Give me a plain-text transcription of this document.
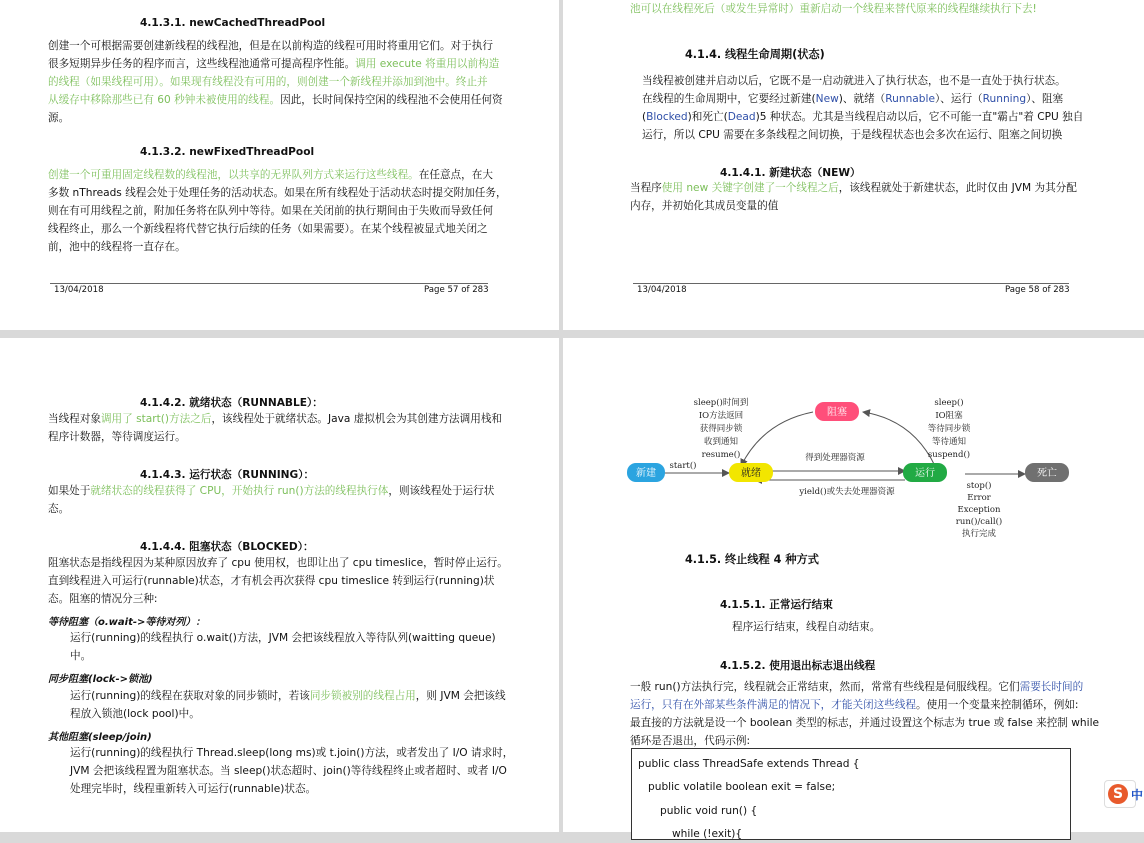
4.1.3.1. newCachedThreadPool
创建一个可根据需要创建新线程的线程池，但是在以前构造的线程可用时将重用它们。对于执行
很多短期异步任务的程序而言，这些线程池通常可提高程序性能。调用 execute 将重用以前构造
的线程（如果线程可用）。如果现有线程没有可用的，则创建一个新线程并添加到池中。终止并
从缓存中移除那些已有 60 秒钟未被使用的线程。因此，长时间保持空闲的线程池不会使用任何资
源。
4.1.3.2. newFixedThreadPool
创建一个可重用固定线程数的线程池，以共享的无界队列方式来运行这些线程。在任意点，在大
多数 nThreads 线程会处于处理任务的活动状态。如果在所有线程处于活动状态时提交附加任务，
则在有可用线程之前，附加任务将在队列中等待。如果在关闭前的执行期间由于失败而导致任何
线程终止，那么一个新线程将代替它执行后续的任务（如果需要）。在某个线程被显式地关闭之
前，池中的线程将一直存在。
13/04/2018	Page 57 of 283
池可以在线程死后（或发生异常时）重新启动一个线程来替代原来的线程继续执行下去!
4.1.4. 线程生命周期(状态)
当线程被创建并启动以后，它既不是一启动就进入了执行状态，也不是一直处于执行状态。
在线程的生命周期中，它要经过新建(New)、就绪（Runnable）、运行（Running）、阻塞
(Blocked)和死亡(Dead)5 种状态。尤其是当线程启动以后，它不可能一直"霸占"着 CPU 独自
运行，所以 CPU 需要在多条线程之间切换，于是线程状态也会多次在运行、阻塞之间切换
4.1.4.1. 新建状态（NEW）
当程序使用 new 关键字创建了一个线程之后，该线程就处于新建状态，此时仅由 JVM 为其分配
内存，并初始化其成员变量的值
13/04/2018	Page 58 of 283
4.1.4.2. 就绪状态（RUNNABLE）：
当线程对象调用了 start()方法之后，该线程处于就绪状态。Java 虚拟机会为其创建方法调用栈和
程序计数器，等待调度运行。
4.1.4.3. 运行状态（RUNNING）：
如果处于就绪状态的线程获得了 CPU，开始执行 run()方法的线程执行体，则该线程处于运行状
态。
4.1.4.4. 阻塞状态（BLOCKED）：
阻塞状态是指线程因为某种原因放弃了 cpu 使用权，也即让出了 cpu timeslice，暂时停止运行。
直到线程进入可运行(runnable)状态，才有机会再次获得 cpu timeslice 转到运行(running)状
态。阻塞的情况分三种:
等待阻塞（o.wait->等待对列）：
运行(running)的线程执行 o.wait()方法，JVM 会把该线程放入等待队列(waitting queue)
中。
同步阻塞(lock->锁池)
运行(running)的线程在获取对象的同步锁时，若该同步锁被别的线程占用，则 JVM 会把该线
程放入锁池(lock pool)中。
其他阻塞(sleep/join)
运行(running)的线程执行 Thread.sleep(long ms)或 t.join()方法，或者发出了 I/O 请求时，
JVM 会把该线程置为阻塞状态。当 sleep()状态超时、join()等待线程终止或者超时、或者 I/O
处理完毕时，线程重新转入可运行(runnable)状态。
新建	就绪	运行
阻塞
死亡
start()
得到处理器资源
yield()或失去处理器资源
sleep()时间到
IO方法返回
获得同步锁
收到通知
resume()
sleep()
IO阻塞
等待同步锁
等待通知
suspend()
stop()
Error
Exception
run()/call()
执行完成
4.1.5. 终止线程 4 种方式
4.1.5.1. 正常运行结束
程序运行结束，线程自动结束。
4.1.5.2. 使用退出标志退出线程
一般 run()方法执行完，线程就会正常结束，然而，常常有些线程是伺服线程。它们需要长时间的
运行，只有在外部某些条件满足的情况下，才能关闭这些线程。使用一个变量来控制循环，例如:
最直接的方法就是设一个 boolean 类型的标志，并通过设置这个标志为 true 或 false 来控制 while
循环是否退出，代码示例:
public class ThreadSafe extends Thread {
public volatile boolean exit = false;
public void run() {
while (!exit){
S 中
